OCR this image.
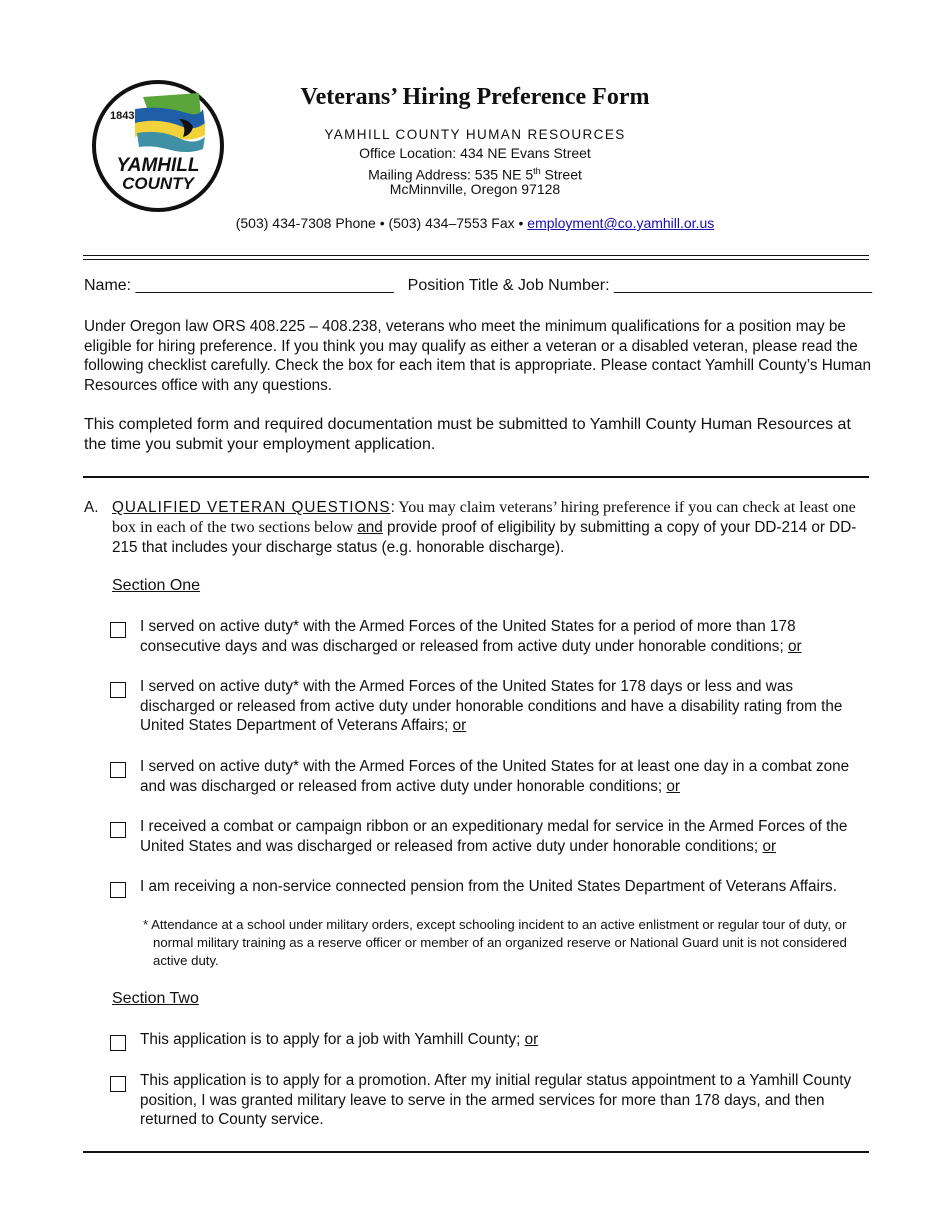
1843
YAMHILL
COUNTY
Veterans’ Hiring Preference Form
YAMHILL COUNTY HUMAN RESOURCES
Office Location: 434 NE Evans Street
Mailing Address: 535 NE 5th Street
McMinnville, Oregon 97128
(503) 434-7308 Phone • (503) 434–7553 Fax • employment@co.yamhill.or.us
Name: _____________________________ Position Title & Job Number: _____________________________
Under Oregon law ORS 408.225 – 408.238, veterans who meet the minimum qualifications for a position may be eligible for hiring preference. If you think you may qualify as either a veteran or a disabled veteran, please read the following checklist carefully. Check the box for each item that is appropriate. Please contact Yamhill County’s Human Resources office with any questions.
This completed form and required documentation must be submitted to Yamhill County Human Resources at the time you submit your employment application.
A. QUALIFIED VETERAN QUESTIONS: You may claim veterans’ hiring preference if you can check at least one box in each of the two sections below and provide proof of eligibility by submitting a copy of your DD-214 or DD-215 that includes your discharge status (e.g. honorable discharge).
Section One
I served on active duty* with the Armed Forces of the United States for a period of more than 178 consecutive days and was discharged or released from active duty under honorable conditions; or
I served on active duty* with the Armed Forces of the United States for 178 days or less and was discharged or released from active duty under honorable conditions and have a disability rating from the United States Department of Veterans Affairs; or
I served on active duty* with the Armed Forces of the United States for at least one day in a combat zone and was discharged or released from active duty under honorable conditions; or
I received a combat or campaign ribbon or an expeditionary medal for service in the Armed Forces of the United States and was discharged or released from active duty under honorable conditions; or
I am receiving a non-service connected pension from the United States Department of Veterans Affairs.
* Attendance at a school under military orders, except schooling incident to an active enlistment or regular tour of duty, or normal military training as a reserve officer or member of an organized reserve or National Guard unit is not considered active duty.
Section Two
This application is to apply for a job with Yamhill County; or
This application is to apply for a promotion. After my initial regular status appointment to a Yamhill County position, I was granted military leave to serve in the armed services for more than 178 days, and then returned to County service.
